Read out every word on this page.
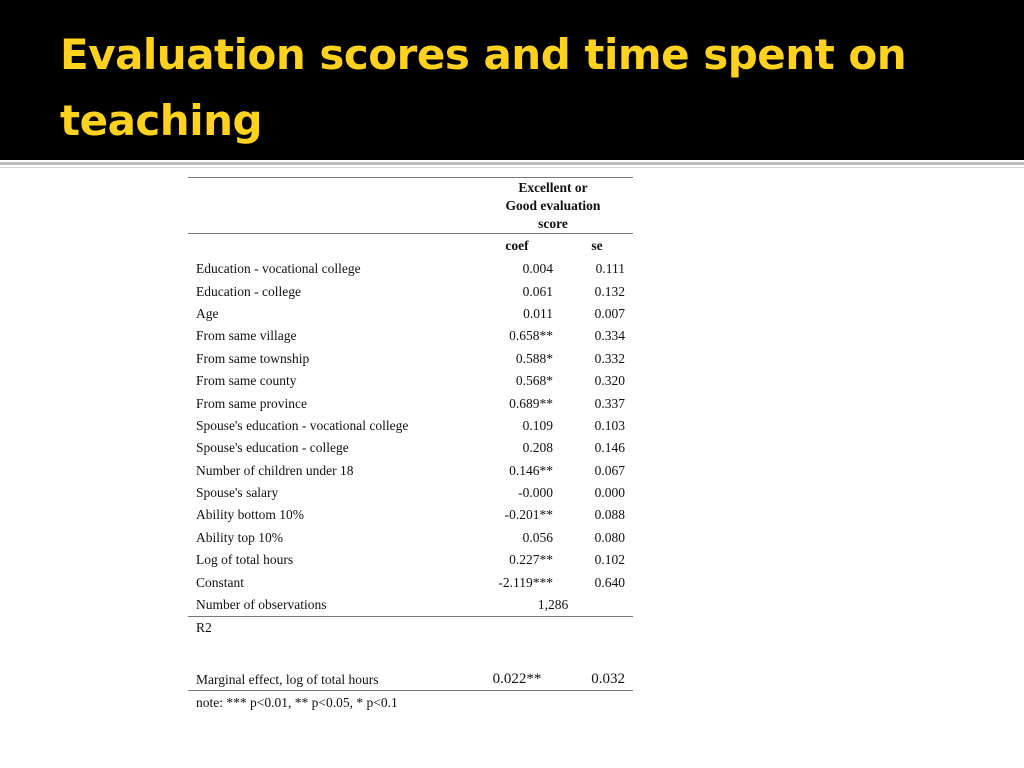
Evaluation scores and time spent on teaching

	Excellent or
Good evaluation
score	

	coef	se
Education - vocational college	0.004	0.111
Education - college	0.061	0.132
Age	0.011	0.007
From same village	0.658**	0.334
From same township	0.588*	0.332
From same county	0.568*	0.320
From same province	0.689**	0.337
Spouse's education - vocational college	0.109	0.103
Spouse's education - college	0.208	0.146
Number of children under 18	0.146**	0.067
Spouse's salary	-0.000	0.000
Ability bottom 10%	-0.201**	0.088
Ability top 10%	0.056	0.080
Log of total hours	0.227**	0.102
Constant	-2.119***	0.640
Number of observations	1,286	
R2		
Marginal effect, log of total hours	0.022**	0.032
note: *** p<0.01, ** p<0.05, * p<0.1		
